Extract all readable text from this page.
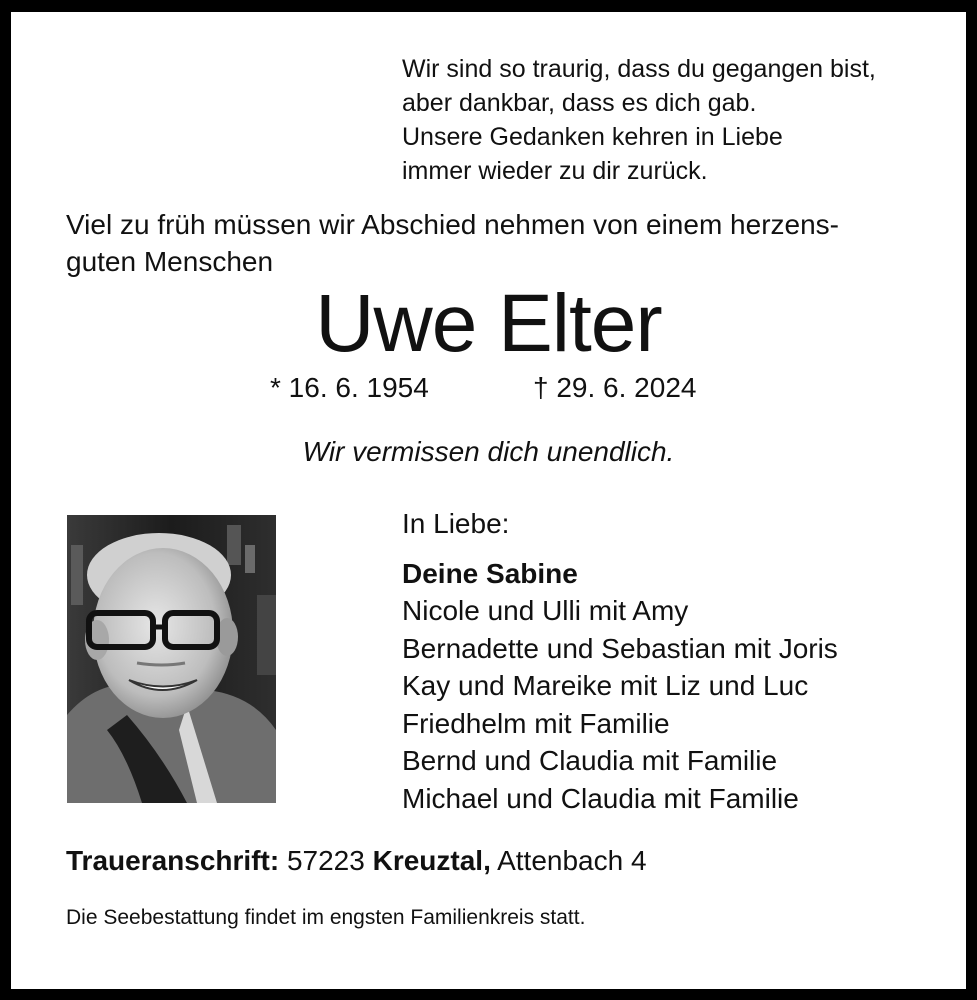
Wir sind so traurig, dass du gegangen bist,
aber dankbar, dass es dich gab.
Unsere Gedanken kehren in Liebe
immer wieder zu dir zurück.
Viel zu früh müssen wir Abschied nehmen von einem herzens-
guten Menschen
Uwe Elter
* 16. 6. 1954	† 29. 6. 2024
Wir vermissen dich unendlich.
In Liebe:
Deine Sabine
Nicole und Ulli mit Amy
Bernadette und Sebastian mit Joris
Kay und Mareike mit Liz und Luc
Friedhelm mit Familie
Bernd und Claudia mit Familie
Michael und Claudia mit Familie
Traueranschrift: 57223 Kreuztal, Attenbach 4
Die Seebestattung findet im engsten Familienkreis statt.
